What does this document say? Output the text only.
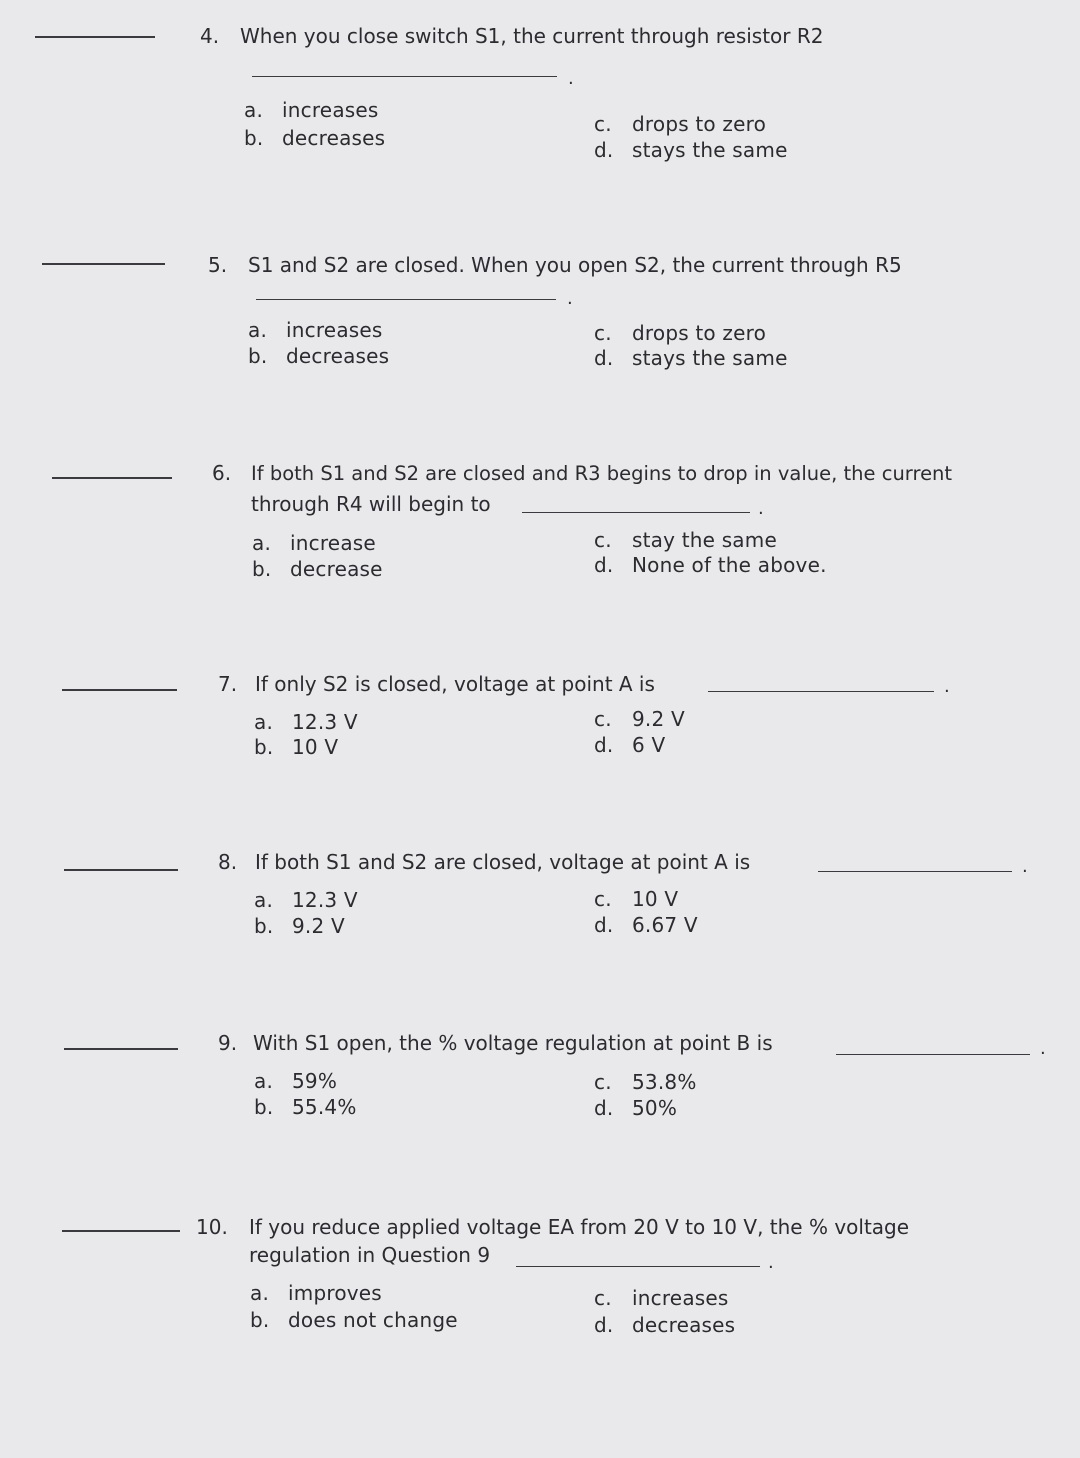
4. When you close switch S1, the current through resistor R2
.
a. increases
b. decreases
c. drops to zero
d. stays the same
5. S1 and S2 are closed. When you open S2, the current through R5
.
a. increases
b. decreases
c. drops to zero
d. stays the same
6. If both S1 and S2 are closed and R3 begins to drop in value, the current
through R4 will begin to	.
a. increase
b. decrease
c. stay the same
d. None of the above.
7. If only S2 is closed, voltage at point A is	.
a. 12.3 V
b. 10 V
c. 9.2 V
d. 6 V
8. If both S1 and S2 are closed, voltage at point A is	.
a. 12.3 V
b. 9.2 V
c. 10 V
d. 6.67 V
9. With S1 open, the % voltage regulation at point B is	.
a. 59%
b. 55.4%
c. 53.8%
d. 50%
10. If you reduce applied voltage EA from 20 V to 10 V, the % voltage
regulation in Question 9	.
a. improves
b. does not change
c. increases
d. decreases
